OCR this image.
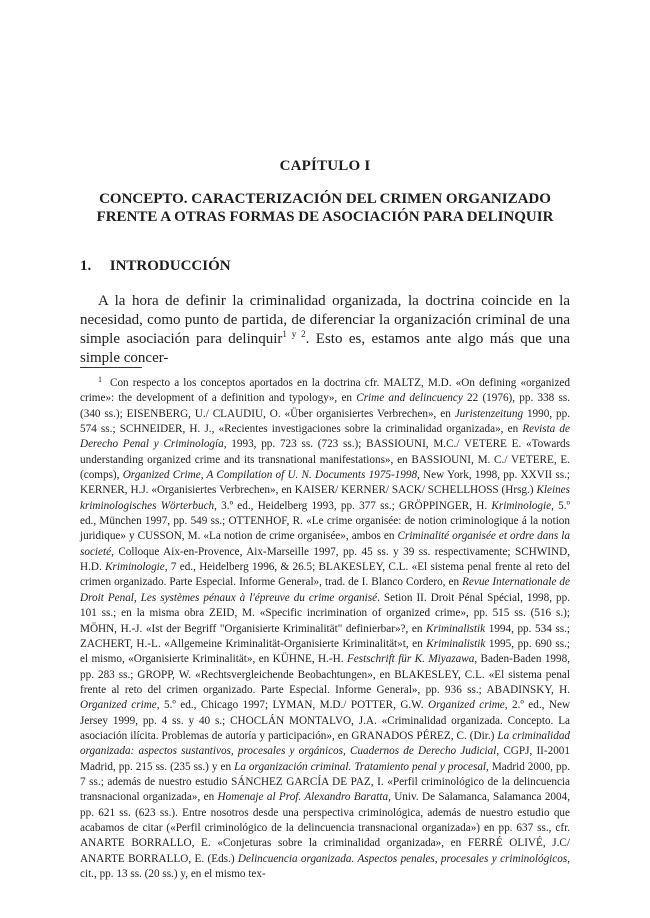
CAPÍTULO I
CONCEPTO. CARACTERIZACIÓN DEL CRIMEN ORGANIZADO
FRENTE A OTRAS FORMAS DE ASOCIACIÓN PARA DELINQUIR
1. INTRODUCCIÓN

A la hora de definir la criminalidad organizada, la doctrina coincide en la necesidad, como punto de partida, de diferenciar la organización criminal de una simple asociación para delinquir$^{1 y 2}$. Esto es, estamos ante algo más que una simple concer-

$^1$ Con respecto a los conceptos aportados en la doctrina cfr. MALTZ, M.D. «On defining «organized crime»: the development of a definition and typology», en Crime and delincuency 22 (1976), pp. 338 ss. (340 ss.); EISENBERG, U./ CLAUDIU, O. «Über organisiertes Verbrechen», en Juristenzeitung 1990, pp. 574 ss.; SCHNEIDER, H. J., «Recientes investigaciones sobre la criminalidad organizada», en Revista de Derecho Penal y Criminología, 1993, pp. 723 ss. (723 ss.); BASSIOUNI, M.C./ VETERE E. «Towards understanding organized crime and its transnational manifestations», en BASSIOUNI, M. C./ VETERE, E. (comps), Organized Crime, A Compilation of U. N. Documents 1975-1998, New York, 1998, pp. XXVII ss.; KERNER, H.J. «Organisiertes Verbrechen», en KAISER/ KERNER/ SACK/ SCHELLHOSS (Hrsg.) Kleines kriminologisches Wörterbuch, 3.º ed., Heidelberg 1993, pp. 377 ss.; GRÖPPINGER, H. Kriminologie, 5.º ed., München 1997, pp. 549 ss.; OTTENHOF, R. «Le crime organisée: de notion criminologique á la notion juridique» y CUSSON, M. «La notion de crime organisée», ambos en Criminalité organisée et ordre dans la societé, Colloque Aix-en-Provence, Aix-Marseille 1997, pp. 45 ss. y 39 ss. respectivamente; SCHWIND, H.D. Kriminologie, 7 ed., Heidelberg 1996, & 26.5; BLAKESLEY, C.L. «El sistema penal frente al reto del crimen organizado. Parte Especial. Informe General», trad. de I. Blanco Cordero, en Revue Internationale de Droit Penal, Les systèmes pénaux à l'épreuve du crime organisé. Setion II. Droit Pénal Spécial, 1998, pp. 101 ss.; en la misma obra ZEID, M. «Specific incrimination of organized crime», pp. 515 ss. (516 s.); MÖHN, H.-J. «Ist der Begriff "Organisierte Kriminalität" definierbar»?, en Kriminalistik 1994, pp. 534 ss.; ZACHERT, H.-L. «Allgemeine Kriminalität-Organisierte Kriminalität»t, en Kriminalistik 1995, pp. 690 ss.; el mismo, «Organisierte Kriminalität», en KÜHNE, H.-H. Festschrift für K. Miyazawa, Baden-Baden 1998, pp. 283 ss.; GROPP, W. «Rechtsvergleichende Beobachtungen», en BLAKESLEY, C.L. «El sistema penal frente al reto del crimen organizado. Parte Especial. Informe General», pp. 936 ss.; ABADINSKY, H. Organized crime, 5.º ed., Chicago 1997; LYMAN, M.D./ POTTER, G.W. Organized crime, 2.º ed., New Jersey 1999, pp. 4 ss. y 40 s.; CHOCLÁN MONTALVO, J.A. «Criminalidad organizada. Concepto. La asociación ilícita. Problemas de autoría y participación», en GRANADOS PÉREZ, C. (Dir.) La criminalidad organizada: aspectos sustantivos, procesales y orgánicos, Cuadernos de Derecho Judicial, CGPJ, II-2001 Madrid, pp. 215 ss. (235 ss.) y en La organización criminal. Tratamiento penal y procesal, Madrid 2000, pp. 7 ss.; además de nuestro estudio SÁNCHEZ GARCÍA DE PAZ, I. «Perfil criminológico de la delincuencia transnacional organizada», en Homenaje al Prof. Alexandro Baratta, Univ. De Salamanca, Salamanca 2004, pp. 621 ss. (623 ss.). Entre nosotros desde una perspectiva criminológica, además de nuestro estudio que acabamos de citar («Perfil criminológico de la delincuencia transnacional organizada») en pp. 637 ss., cfr. ANARTE BORRALLO, E. «Conjeturas sobre la criminalidad organizada», en FERRÉ OLIVÉ, J.C/ ANARTE BORRALLO, E. (Eds.) Delincuencia organizada. Aspectos penales, procesales y criminológicos, cit., pp. 13 ss. (20 ss.) y, en el mismo tex-
